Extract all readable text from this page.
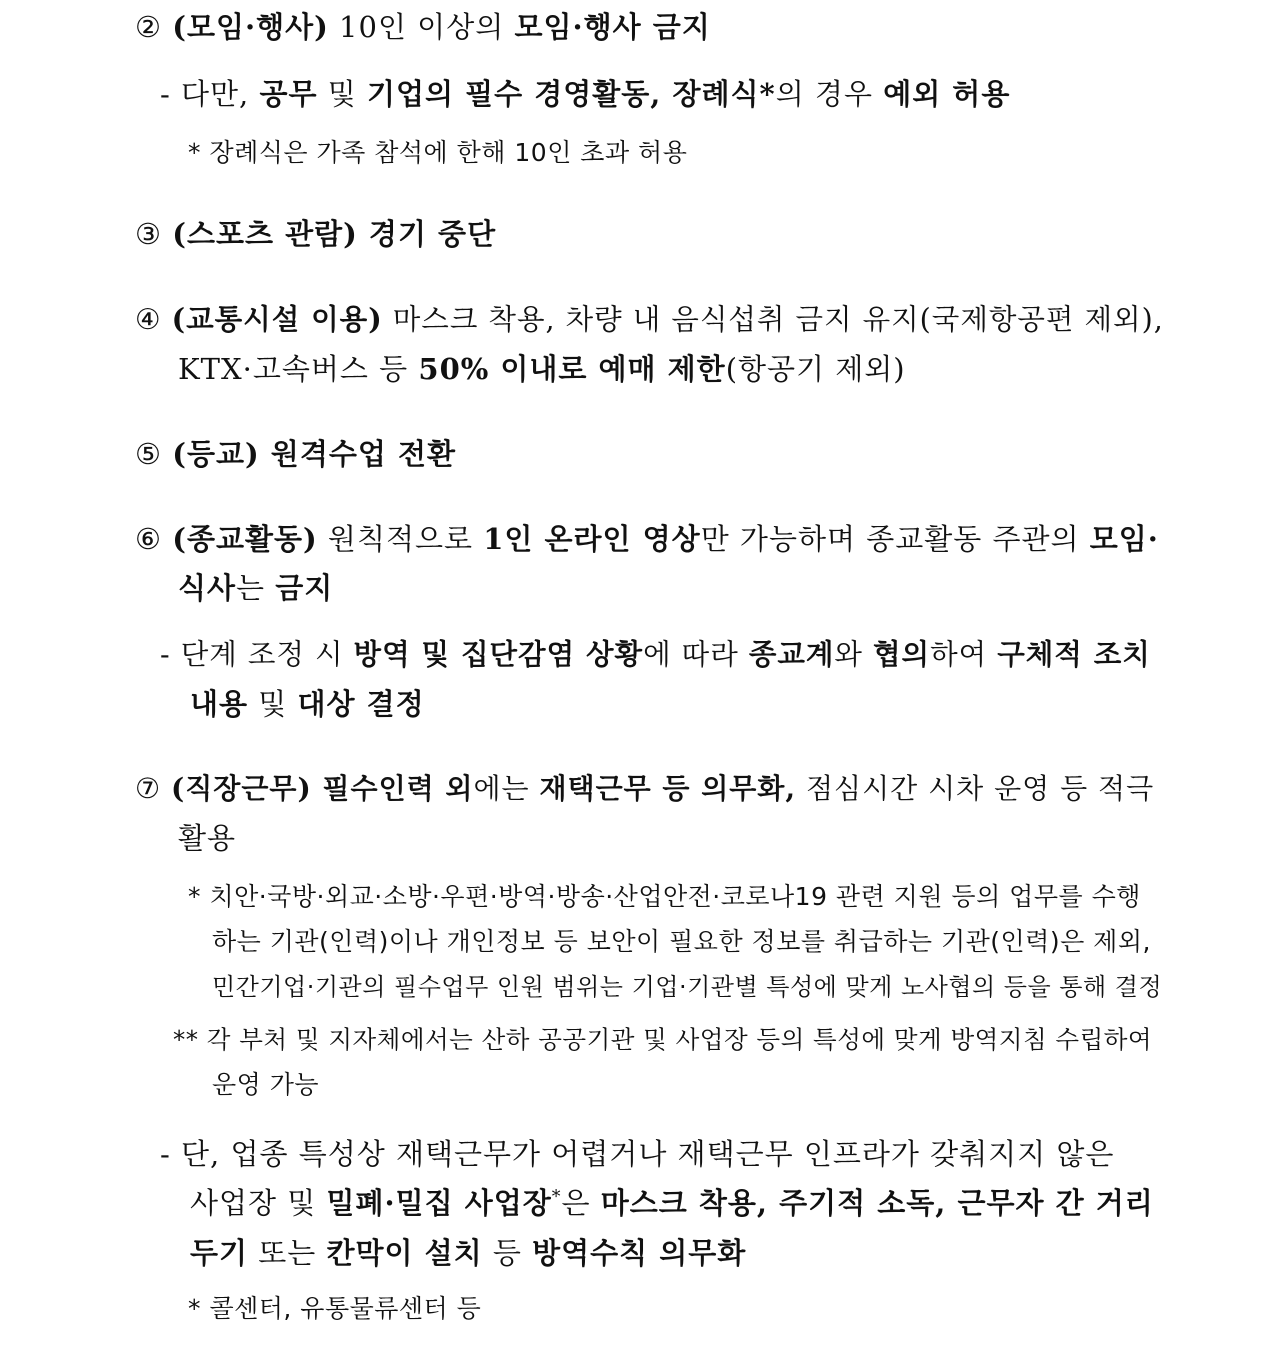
② (모임·행사) 10인 이상의 모임·행사 금지
- 다만, 공무 및 기업의 필수 경영활동, 장례식*의 경우 예외 허용
* 장례식은 가족 참석에 한해 10인 초과 허용
③ (스포츠 관람) 경기 중단
④ (교통시설 이용) 마스크 착용, 차량 내 음식섭취 금지 유지(국제항공편 제외),
KTX·고속버스 등 50% 이내로 예매 제한(항공기 제외)
⑤ (등교) 원격수업 전환
⑥ (종교활동) 원칙적으로 1인 온라인 영상만 가능하며 종교활동 주관의 모임·
식사는 금지
- 단계 조정 시 방역 및 집단감염 상황에 따라 종교계와 협의하여 구체적 조치
내용 및 대상 결정
⑦ (직장근무) 필수인력 외에는 재택근무 등 의무화, 점심시간 시차 운영 등 적극
활용
* 치안·국방·외교·소방·우편·방역·방송·산업안전·코로나19 관련 지원 등의 업무를 수행
하는 기관(인력)이나 개인정보 등 보안이 필요한 정보를 취급하는 기관(인력)은 제외,
민간기업·기관의 필수업무 인원 범위는 기업·기관별 특성에 맞게 노사협의 등을 통해 결정
** 각 부처 및 지자체에서는 산하 공공기관 및 사업장 등의 특성에 맞게 방역지침 수립하여
운영 가능
- 단, 업종 특성상 재택근무가 어렵거나 재택근무 인프라가 갖춰지지 않은
사업장 및 밀폐·밀집 사업장*은 마스크 착용, 주기적 소독, 근무자 간 거리
두기 또는 칸막이 설치 등 방역수칙 의무화
* 콜센터, 유통물류센터 등
